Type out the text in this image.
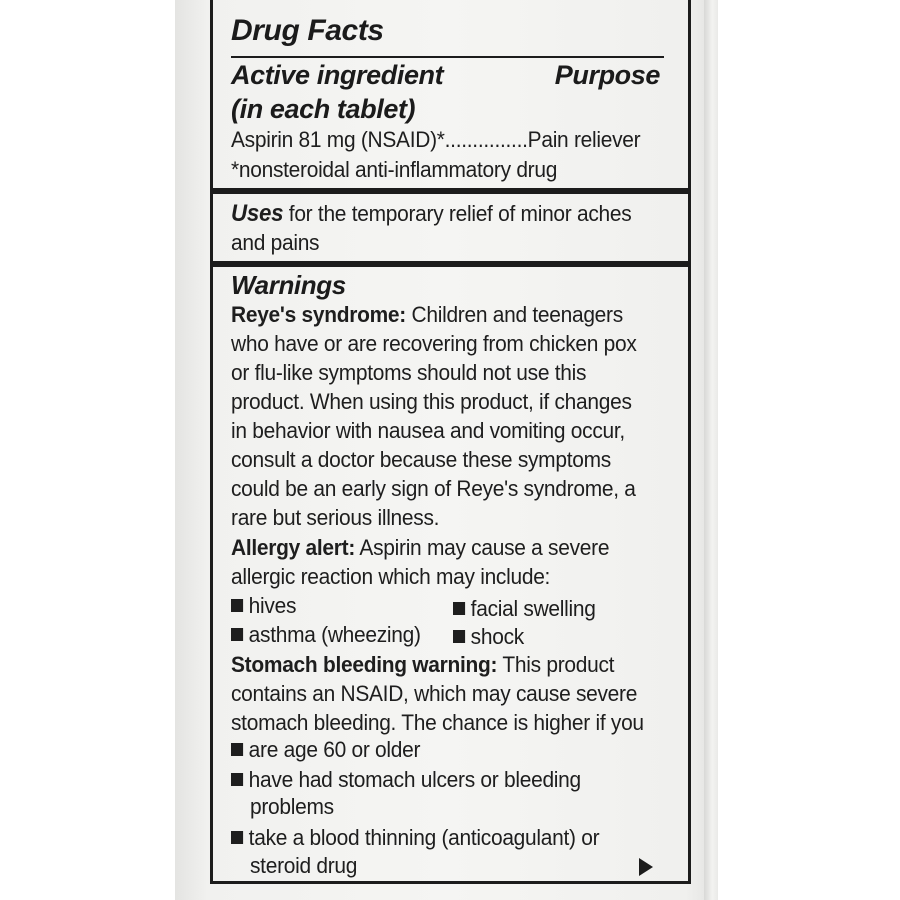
Drug Facts
Active ingredient	Purpose
(in each tablet)
Aspirin 81 mg (NSAID)*...............Pain reliever
*nonsteroidal anti-inflammatory drug
Uses for the temporary relief of minor aches
and pains
Warnings
Reye's syndrome: Children and teenagers
who have or are recovering from chicken pox
or flu-like symptoms should not use this
product. When using this product, if changes
in behavior with nausea and vomiting occur,
consult a doctor because these symptoms
could be an early sign of Reye's syndrome, a
rare but serious illness.
Allergy alert: Aspirin may cause a severe
allergic reaction which may include:
hives	facial swelling
asthma (wheezing)	shock
Stomach bleeding warning: This product
contains an NSAID, which may cause severe
stomach bleeding. The chance is higher if you
are age 60 or older
have had stomach ulcers or bleeding
problems
take a blood thinning (anticoagulant) or
steroid drug
